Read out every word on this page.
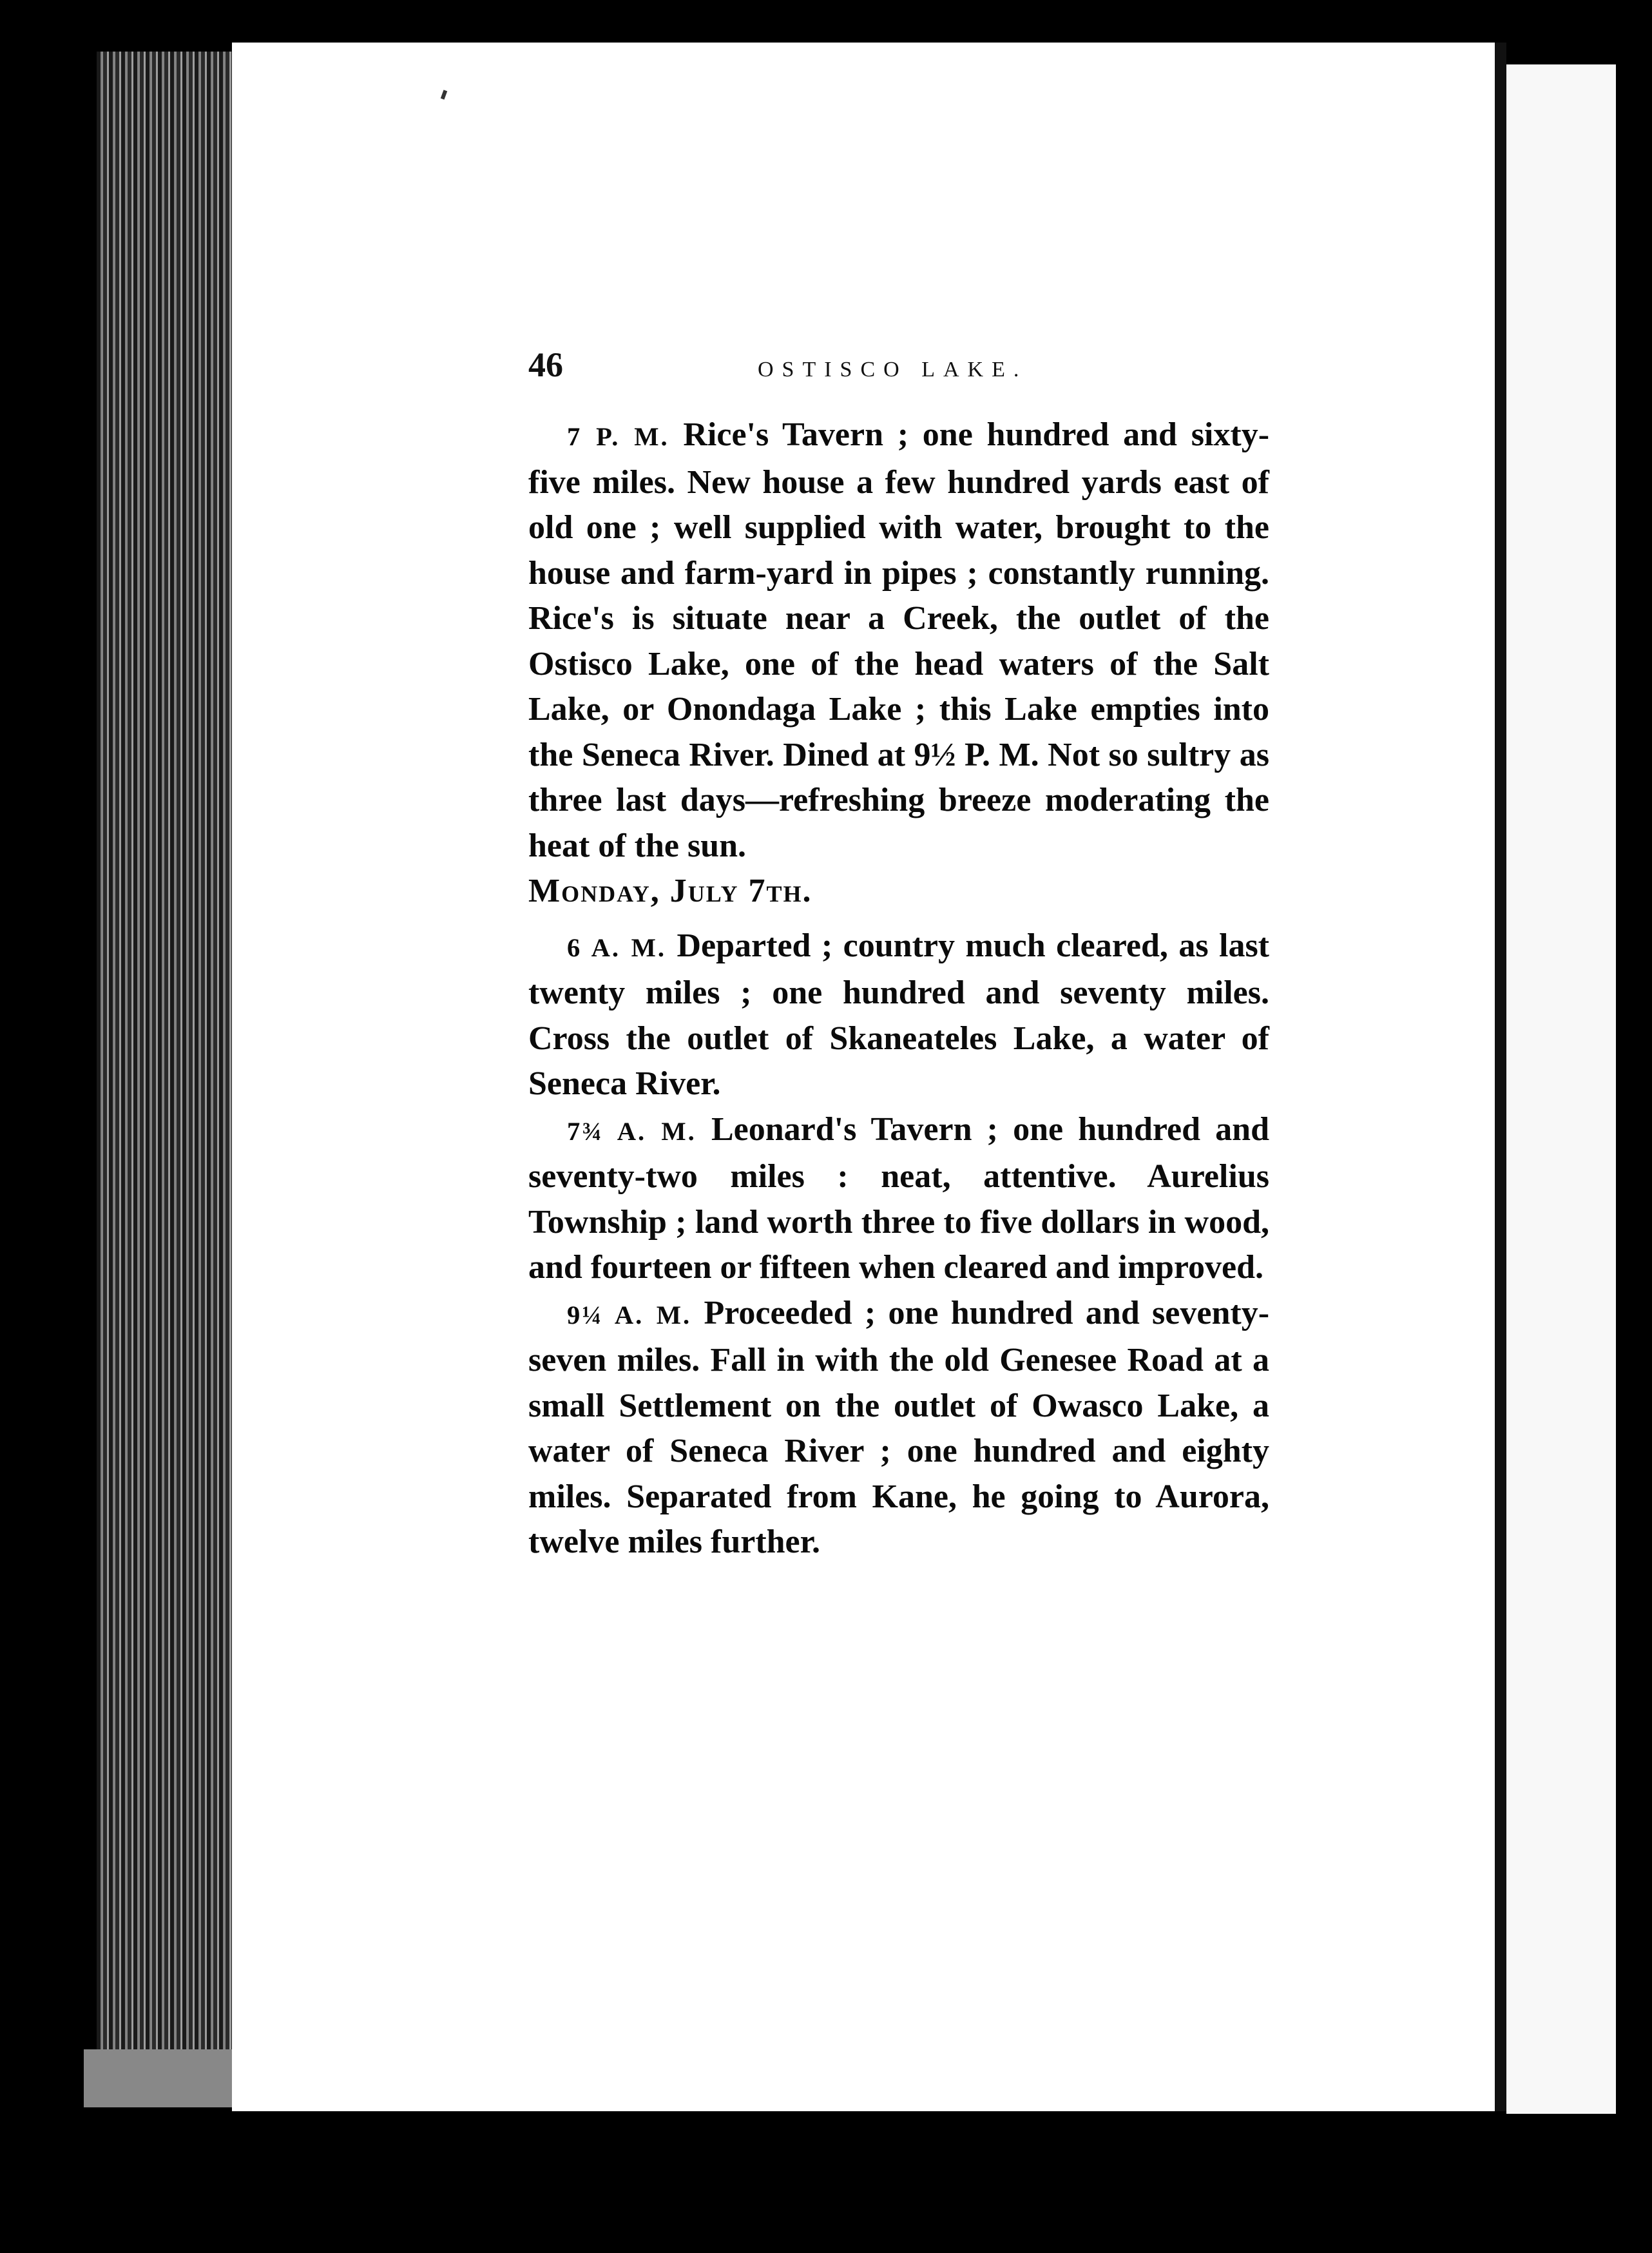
46	OSTISCO LAKE.

7 P. M. Rice's Tavern ; one hundred and sixty-five miles. New house a few hundred yards east of old one ; well supplied with water, brought to the house and farm-yard in pipes ; constantly running. Rice's is situate near a Creek, the outlet of the Ostisco Lake, one of the head waters of the Salt Lake, or Onondaga Lake ; this Lake empties into the Seneca River. Dined at 9½ P. M. Not so sultry as three last days—refreshing breeze moderating the heat of the sun.

Monday, July 7th.

6 A. M. Departed ; country much cleared, as last twenty miles ; one hundred and seventy miles. Cross the outlet of Skaneateles Lake, a water of Seneca River.

7¾ A. M. Leonard's Tavern ; one hundred and seventy-two miles : neat, attentive. Aurelius Township ; land worth three to five dollars in wood, and fourteen or fifteen when cleared and improved.

9¼ A. M. Proceeded ; one hundred and seventy-seven miles. Fall in with the old Genesee Road at a small Settlement on the outlet of Owasco Lake, a water of Seneca River ; one hundred and eighty miles. Separated from Kane, he going to Aurora, twelve miles further.
